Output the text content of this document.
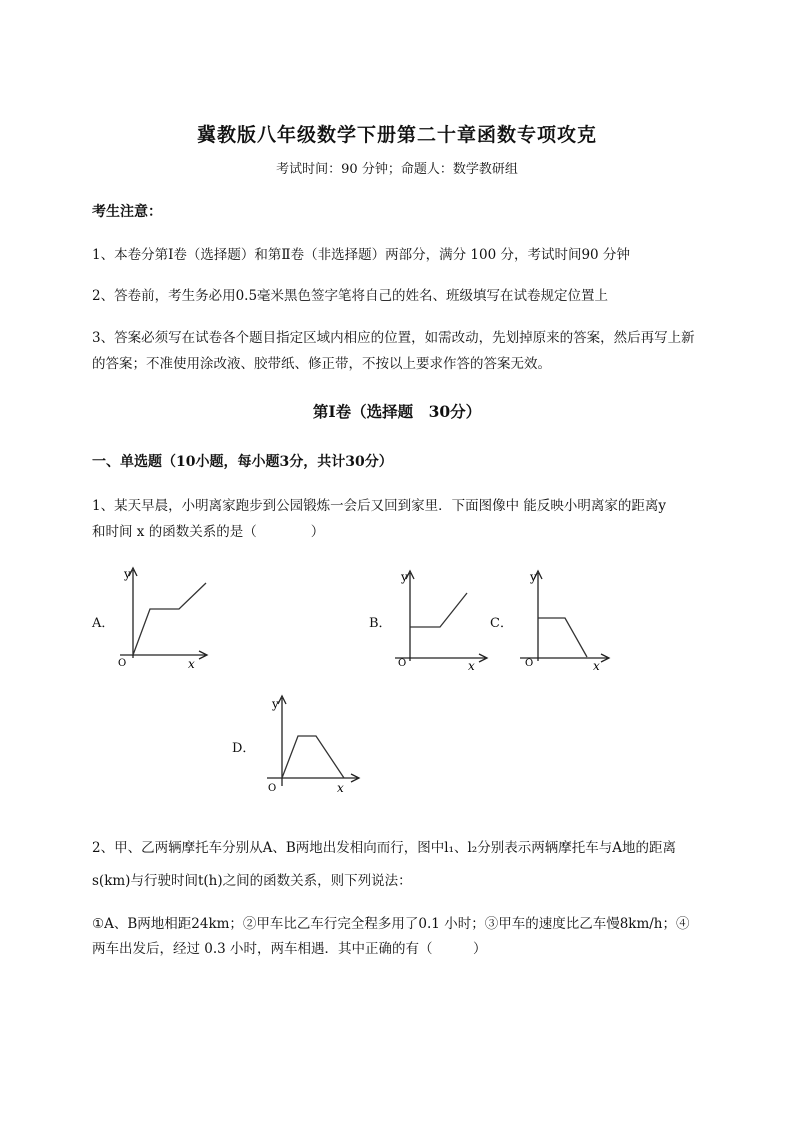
冀教版八年级数学下册第二十章函数专项攻克
考试时间：90 分钟；命题人：数学教研组
考生注意：
1、本卷分第Ⅰ卷（选择题）和第Ⅱ卷（非选择题）两部分，满分 100 分，考试时间90 分钟
2、答卷前，考生务必用0.5毫米黑色签字笔将自己的姓名、班级填写在试卷规定位置上
3、答案必须写在试卷各个题目指定区域内相应的位置，如需改动，先划掉原来的答案，然后再写上新
的答案；不准使用涂改液、胶带纸、修正带，不按以上要求作答的答案无效。
第Ⅰ卷（选择题　30分）
一、单选题（10小题，每小题3分，共计30分）
1、某天早晨，小明离家跑步到公园锻炼一会后又回到家里．下面图像中 能反映小明离家的距离y
和时间 x 的函数关系的是（　　　　）
A．	B．	C．
D．
y
x
O
y
x
O
y
x
O
y
x
O
2、甲、乙两辆摩托车分别从A、B两地出发相向而行，图中l₁、l₂分别表示两辆摩托车与A地的距离
s(km)与行驶时间t(h)之间的函数关系，则下列说法：
①A、B两地相距24km；②甲车比乙车行完全程多用了0.1 小时；③甲车的速度比乙车慢8km/h；④
两车出发后，经过 0.3 小时，两车相遇．其中正确的有（　　　）
